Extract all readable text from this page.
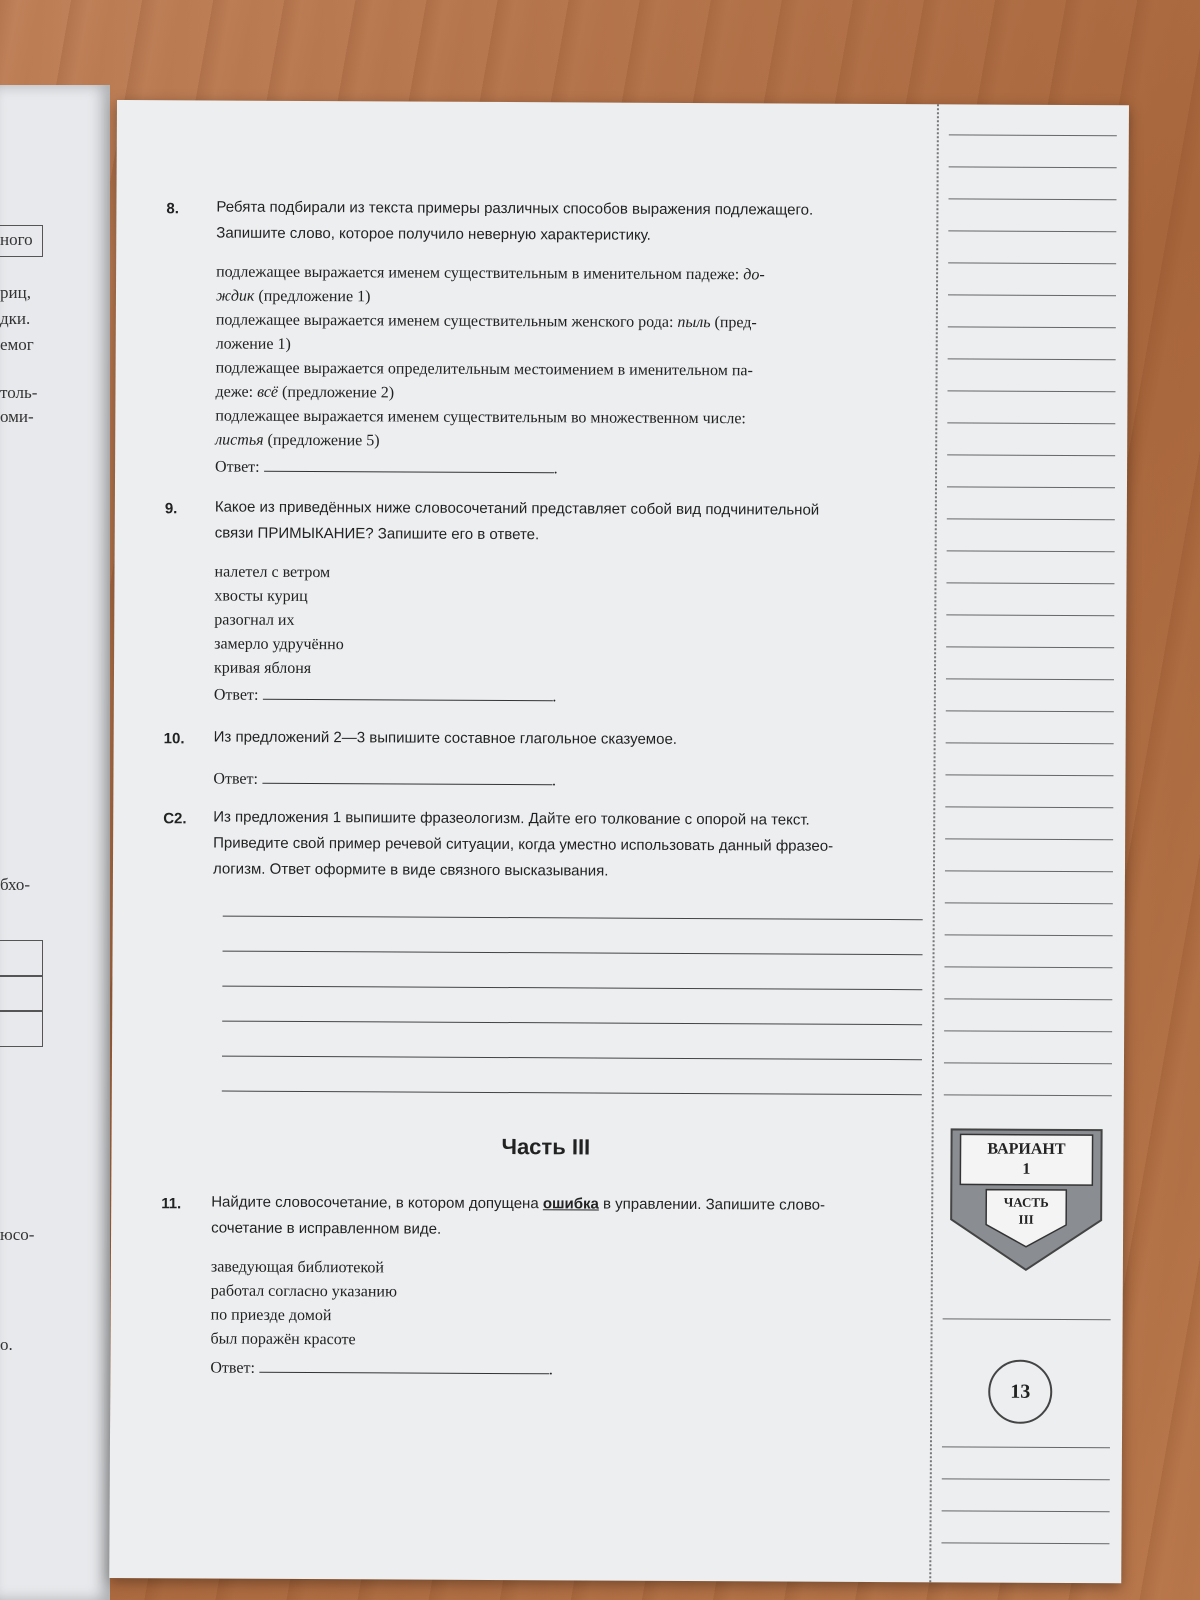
ного
риц,
дки.
емог
толь-
оми-
бхо-
юсо-
о.
8. Ребята подбирали из текста примеры различных способов выражения подлежащего.
Запишите слово, которое получило неверную характеристику.
подлежащее выражается именем существительным в именительном падеже: до-
ждик (предложение 1)
подлежащее выражается именем существительным женского рода: пыль (пред-
ложение 1)
подлежащее выражается определительным местоимением в именительном па-
деже: всё (предложение 2)
подлежащее выражается именем существительным во множественном числе:
листья (предложение 5)
Ответ:	.
9. Какое из приведённых ниже словосочетаний представляет собой вид подчинительной
связи ПРИМЫКАНИЕ? Запишите его в ответе.
налетел с ветром
хвосты куриц
разогнал их
замерло удручённо
кривая яблоня
Ответ:	.
10. Из предложений 2—3 выпишите составное глагольное сказуемое.
Ответ:	.
C2. Из предложения 1 выпишите фразеологизм. Дайте его толкование с опорой на текст.
Приведите свой пример речевой ситуации, когда уместно использовать данный фразео-
логизм. Ответ оформите в виде связного высказывания.
Часть III
11. Найдите словосочетание, в котором допущена ошибка в управлении. Запишите слово-
сочетание в исправленном виде.
заведующая библиотекой
работал согласно указанию
по приезде домой
был поражён красоте
Ответ:	.
ВАРИАНТ
1
ЧАСТЬ
III
13
